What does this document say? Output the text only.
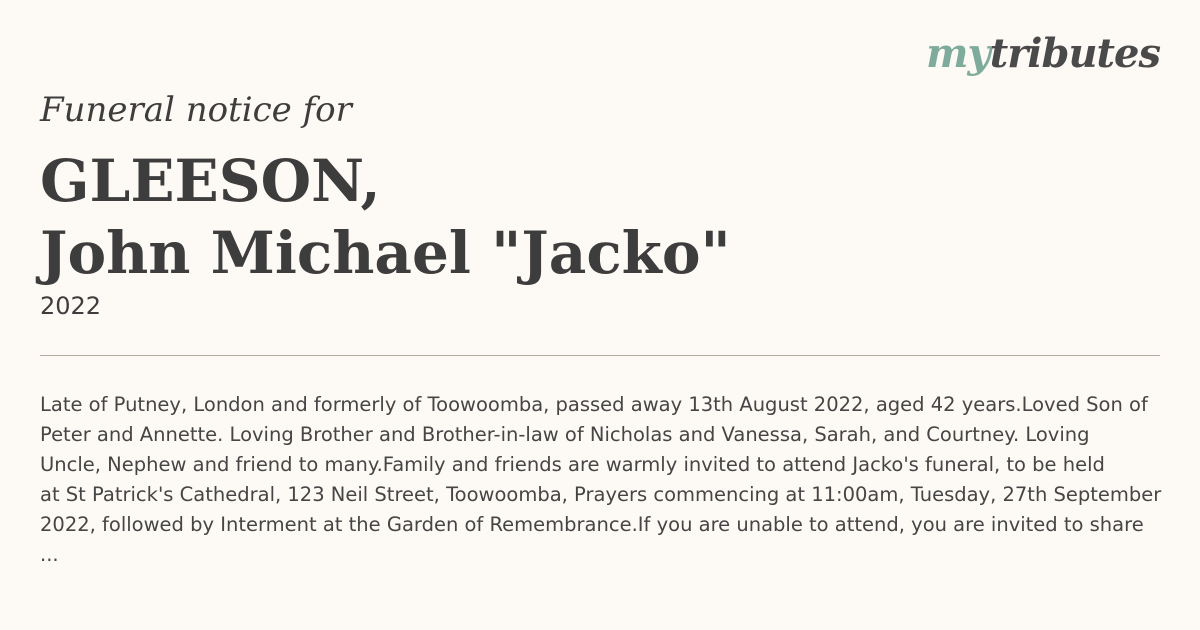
mytributes
Funeral notice for
GLEESON,
John Michael "Jacko"
2022
Late of Putney, London and formerly of Toowoomba, passed away 13th August 2022, aged 42 years.Loved Son of
Peter and Annette. Loving Brother and Brother-in-law of Nicholas and Vanessa, Sarah, and Courtney. Loving
Uncle, Nephew and friend to many.Family and friends are warmly invited to attend Jacko's funeral, to be held
at St Patrick's Cathedral, 123 Neil Street, Toowoomba, Prayers commencing at 11:00am, Tuesday, 27th September
2022, followed by Interment at the Garden of Remembrance.If you are unable to attend, you are invited to share
...
